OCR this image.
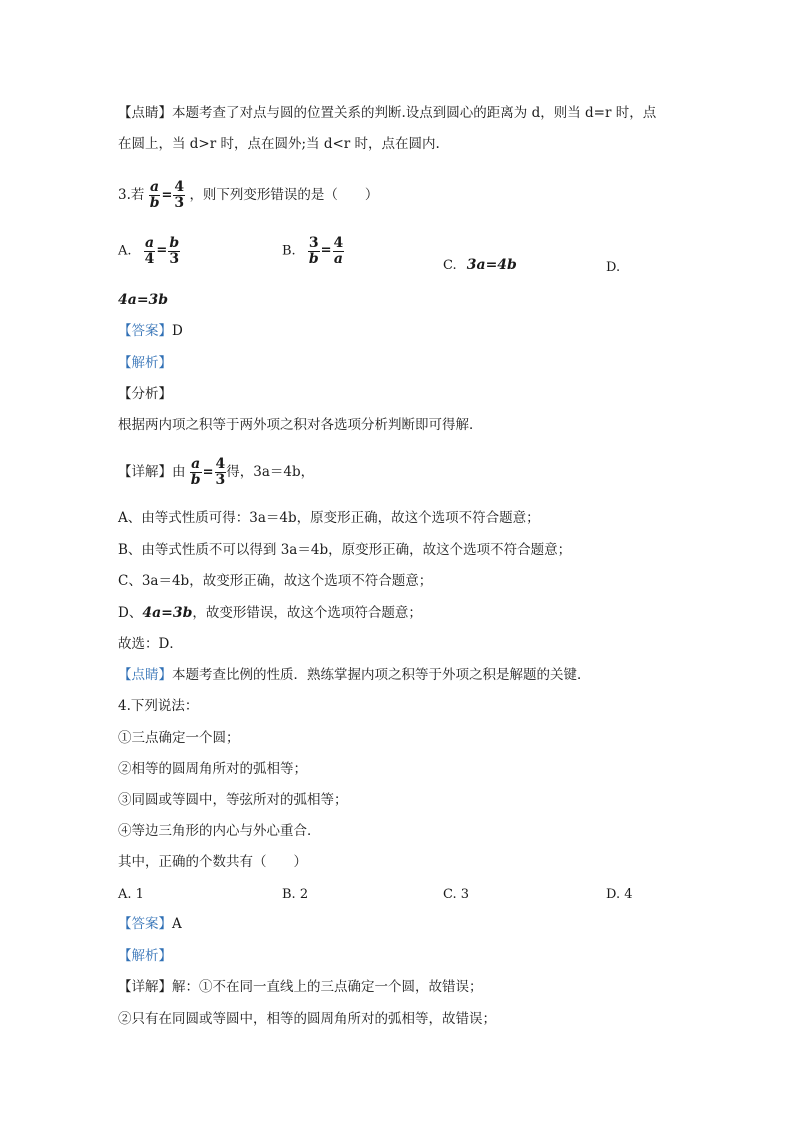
【点睛】本题考查了对点与圆的位置关系的判断.设点到圆心的距离为 d，则当 d=r 时，点
在圆上，当 d>r 时，点在圆外;当 d<r 时，点在圆内.
3.若 $\frac{a}{b} = \frac{4}{3}$ ，则下列变形错误的是（　　）
A. $\frac{a}{4} = \frac{b}{3}$	B. $\frac{3}{b} = \frac{4}{a}$	C. 3a=4b	D.
4a=3b
【答案】D
【解析】
【分析】
根据两内项之积等于两外项之积对各选项分析判断即可得解．
【详解】由 $\frac{a}{b} = \frac{4}{3}$ 得，3a＝4b，
A、由等式性质可得：3a＝4b，原变形正确，故这个选项不符合题意；
B、由等式性质不可以得到 3a＝4b，原变形正确，故这个选项不符合题意；
C、3a＝4b，故变形正确，故这个选项不符合题意；
D、4a=3b，故变形错误，故这个选项符合题意；
故选：D．
【点睛】本题考查比例的性质．熟练掌握内项之积等于外项之积是解题的关键．
4.下列说法：
①三点确定一个圆；
②相等的圆周角所对的弧相等；
③同圆或等圆中，等弦所对的弧相等；
④等边三角形的内心与外心重合．
其中，正确的个数共有（　　）
A. 1	B. 2	C. 3	D. 4
【答案】A
【解析】
【详解】解：①不在同一直线上的三点确定一个圆，故错误；
②只有在同圆或等圆中，相等的圆周角所对的弧相等，故错误；
